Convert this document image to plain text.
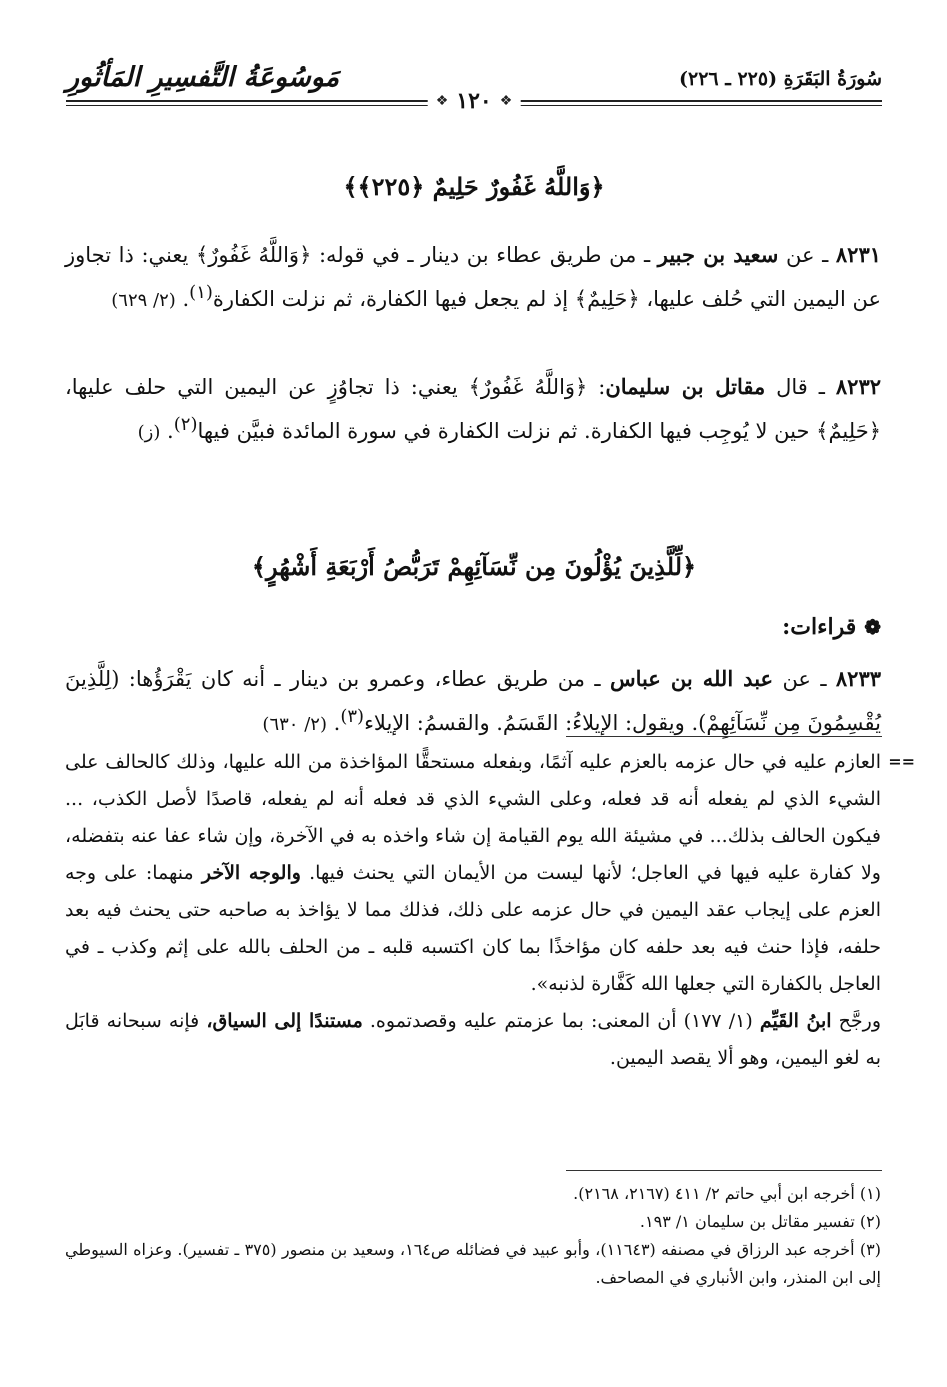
سُورَةُ البَقَرَةِ (٢٢٥ ـ ٢٢٦)
مَوسُوعَةُ التَّفسِيرِ المَأثُورِ
❖ ١٢٠ ❖
﴿وَاللَّهُ غَفُورٌ حَلِيمٌ ﴿٢٢٥﴾﴾
٨٢٣١ ـ عن سعيد بن جبير ـ من طريق عطاء بن دينار ـ في قوله: ﴿وَاللَّهُ غَفُورٌ﴾ يعني: ذا تجاوز عن اليمين التي حُلف عليها، ﴿حَلِيمٌ﴾ إذ لم يجعل فيها الكفارة، ثم نزلت الكفارة$^{(١)}$. (٢/ ٦٢٩)
٨٢٣٢ ـ قال مقاتل بن سليمان: ﴿وَاللَّهُ غَفُورٌ﴾ يعني: ذا تجاوُزٍ عن اليمين التي حلف عليها، ﴿حَلِيمٌ﴾ حين لا يُوجِب فيها الكفارة. ثم نزلت الكفارة في سورة المائدة فبيَّن فيها$^{(٢)}$. (ز)
﴿لِّلَّذِينَ يُؤْلُونَ مِن نِّسَآئِهِمْ تَرَبُّصُ أَرْبَعَةِ أَشْهُرٍ﴾
❁
قراءات:
٨٢٣٣ ـ عن عبد الله بن عباس ـ من طريق عطاء، وعمرو بن دينار ـ أنه كان يَقْرَؤُها: (لِلَّذِينَ يُقْسِمُونَ مِن نِّسَآئِهِمْ). ويقول: الإيلاءُ: القَسَمُ. والقسمُ: الإيلاء$^{(٣)}$. (٢/ ٦٣٠)
==
العازم عليه في حال عزمه بالعزم عليه آثمًا، وبفعله مستحقًّا المؤاخذة من الله عليها، وذلك كالحالف على الشيء الذي لم يفعله أنه قد فعله، وعلى الشيء الذي قد فعله أنه لم يفعله، قاصدًا لأصل الكذب، ... فيكون الحالف بذلك... في مشيئة الله يوم القيامة إن شاء واخذه به في الآخرة، وإن شاء عفا عنه بتفضله، ولا كفارة عليه فيها في العاجل؛ لأنها ليست من الأيمان التي يحنث فيها. والوجه الآخر منهما: على وجه العزم على إيجاب عقد اليمين في حال عزمه على ذلك، فذلك مما لا يؤاخذ به صاحبه حتى يحنث فيه بعد حلفه، فإذا حنث فيه بعد حلفه كان مؤاخذًا بما كان اكتسبه قلبه ـ من الحلف بالله على إثم وكذب ـ في العاجل بالكفارة التي جعلها الله كَفَّارة لذنبه».
ورجَّح ابنُ القَيِّم (١/ ١٧٧) أن المعنى: بما عزمتم عليه وقصدتموه. مستندًا إلى السياق، فإنه سبحانه قابَل به لغو اليمين، وهو ألا يقصد اليمين.
(١) أخرجه ابن أبي حاتم ٢/ ٤١١ (٢١٦٧، ٢١٦٨).
(٢) تفسير مقاتل بن سليمان ١/ ١٩٣.
(٣) أخرجه عبد الرزاق في مصنفه (١١٦٤٣)، وأبو عبيد في فضائله ص١٦٤، وسعيد بن منصور (٣٧٥ ـ تفسير). وعزاه السيوطي إلى ابن المنذر، وابن الأنباري في المصاحف.
